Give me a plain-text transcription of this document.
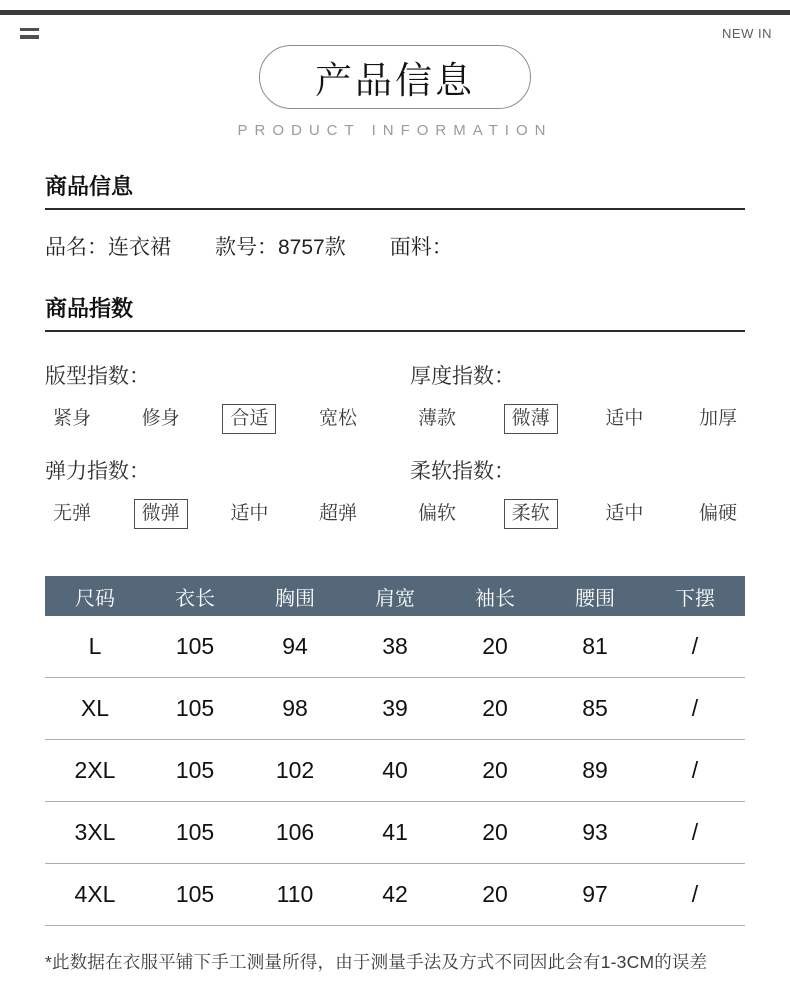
NEW IN
产品信息
PRODUCT INFORMATION
商品信息
品名：连衣裙 款号：8757款 面料：
商品指数
版型指数：
紧身	修身	合适	宽松
厚度指数：
薄款	微薄	适中	加厚
弹力指数：
无弹	微弹	适中	超弹
柔软指数：
偏软	柔软	适中	偏硬
尺码	衣长	胸围	肩宽	袖长	腰围	下摆
L	105	94	38	20	81	/
XL	105	98	39	20	85	/
2XL	105	102	40	20	89	/
3XL	105	106	41	20	93	/
4XL	105	110	42	20	97	/
*此数据在衣服平铺下手工测量所得，由于测量手法及方式不同因此会有1-3CM的误差
